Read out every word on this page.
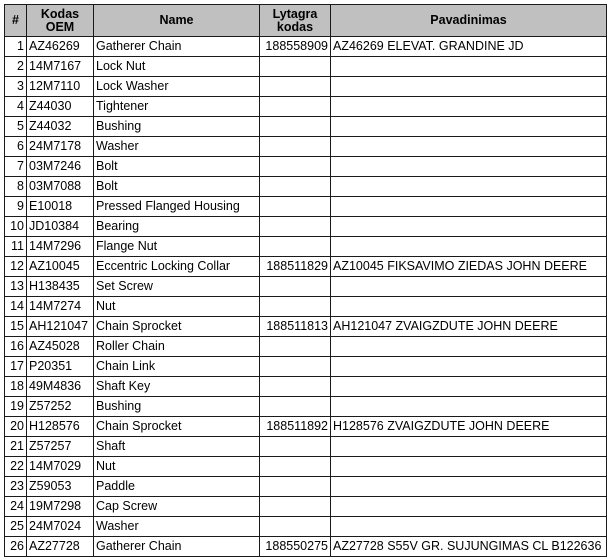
#	Kodas OEM	Name	Lytagra kodas	Pavadinimas
1	AZ46269	Gatherer Chain	188558909	AZ46269 ELEVAT. GRANDINE JD
2	14M7167	Lock Nut		
3	12M7110	Lock Washer		
4	Z44030	Tightener		
5	Z44032	Bushing		
6	24M7178	Washer		
7	03M7246	Bolt		
8	03M7088	Bolt		
9	E10018	Pressed Flanged Housing		
10	JD10384	Bearing		
11	14M7296	Flange Nut		
12	AZ10045	Eccentric Locking Collar	188511829	AZ10045 FIKSAVIMO ZIEDAS JOHN DEERE
13	H138435	Set Screw		
14	14M7274	Nut		
15	AH121047	Chain Sprocket	188511813	AH121047 ZVAIGZDUTE JOHN DEERE
16	AZ45028	Roller Chain		
17	P20351	Chain Link		
18	49M4836	Shaft Key		
19	Z57252	Bushing		
20	H128576	Chain Sprocket	188511892	H128576 ZVAIGZDUTE JOHN DEERE
21	Z57257	Shaft		
22	14M7029	Nut		
23	Z59053	Paddle		
24	19M7298	Cap Screw		
25	24M7024	Washer		
26	AZ27728	Gatherer Chain	188550275	AZ27728 S55V GR. SUJUNGIMAS CL B122636
